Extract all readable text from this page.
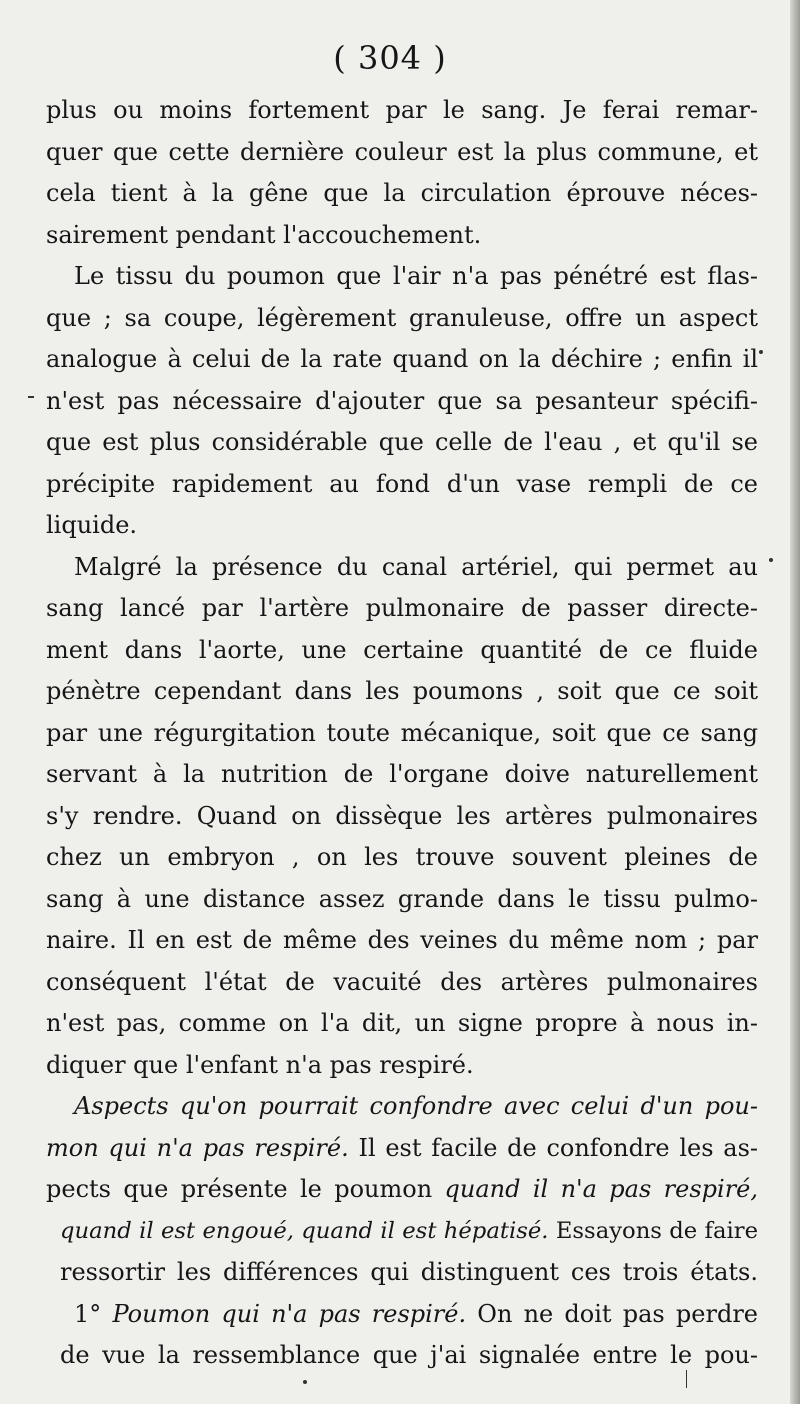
( 304 )
plus ou moins fortement par le sang. Je ferai remar-
quer que cette dernière couleur est la plus commune, et
cela tient à la gêne que la circulation éprouve néces-
sairement pendant l'accouchement.
Le tissu du poumon que l'air n'a pas pénétré est flas-
que ; sa coupe, légèrement granuleuse, offre un aspect
analogue à celui de la rate quand on la déchire ; enfin il
n'est pas nécessaire d'ajouter que sa pesanteur spécifi-
que est plus considérable que celle de l'eau , et qu'il se
précipite rapidement au fond d'un vase rempli de ce
liquide.
Malgré la présence du canal artériel, qui permet au
sang lancé par l'artère pulmonaire de passer directe-
ment dans l'aorte, une certaine quantité de ce fluide
pénètre cependant dans les poumons , soit que ce soit
par une régurgitation toute mécanique, soit que ce sang
servant à la nutrition de l'organe doive naturellement
s'y rendre. Quand on dissèque les artères pulmonaires
chez un embryon , on les trouve souvent pleines de
sang à une distance assez grande dans le tissu pulmo-
naire. Il en est de même des veines du même nom ; par
conséquent l'état de vacuité des artères pulmonaires
n'est pas, comme on l'a dit, un signe propre à nous in-
diquer que l'enfant n'a pas respiré.
Aspects qu'on pourrait confondre avec celui d'un pou-
mon qui n'a pas respiré. Il est facile de confondre les as-
pects que présente le poumon quand il n'a pas respiré,
quand il est engoué, quand il est hépatisé. Essayons de faire
ressortir les différences qui distinguent ces trois états.
1° Poumon qui n'a pas respiré. On ne doit pas perdre
de vue la ressemblance que j'ai signalée entre le pou-
